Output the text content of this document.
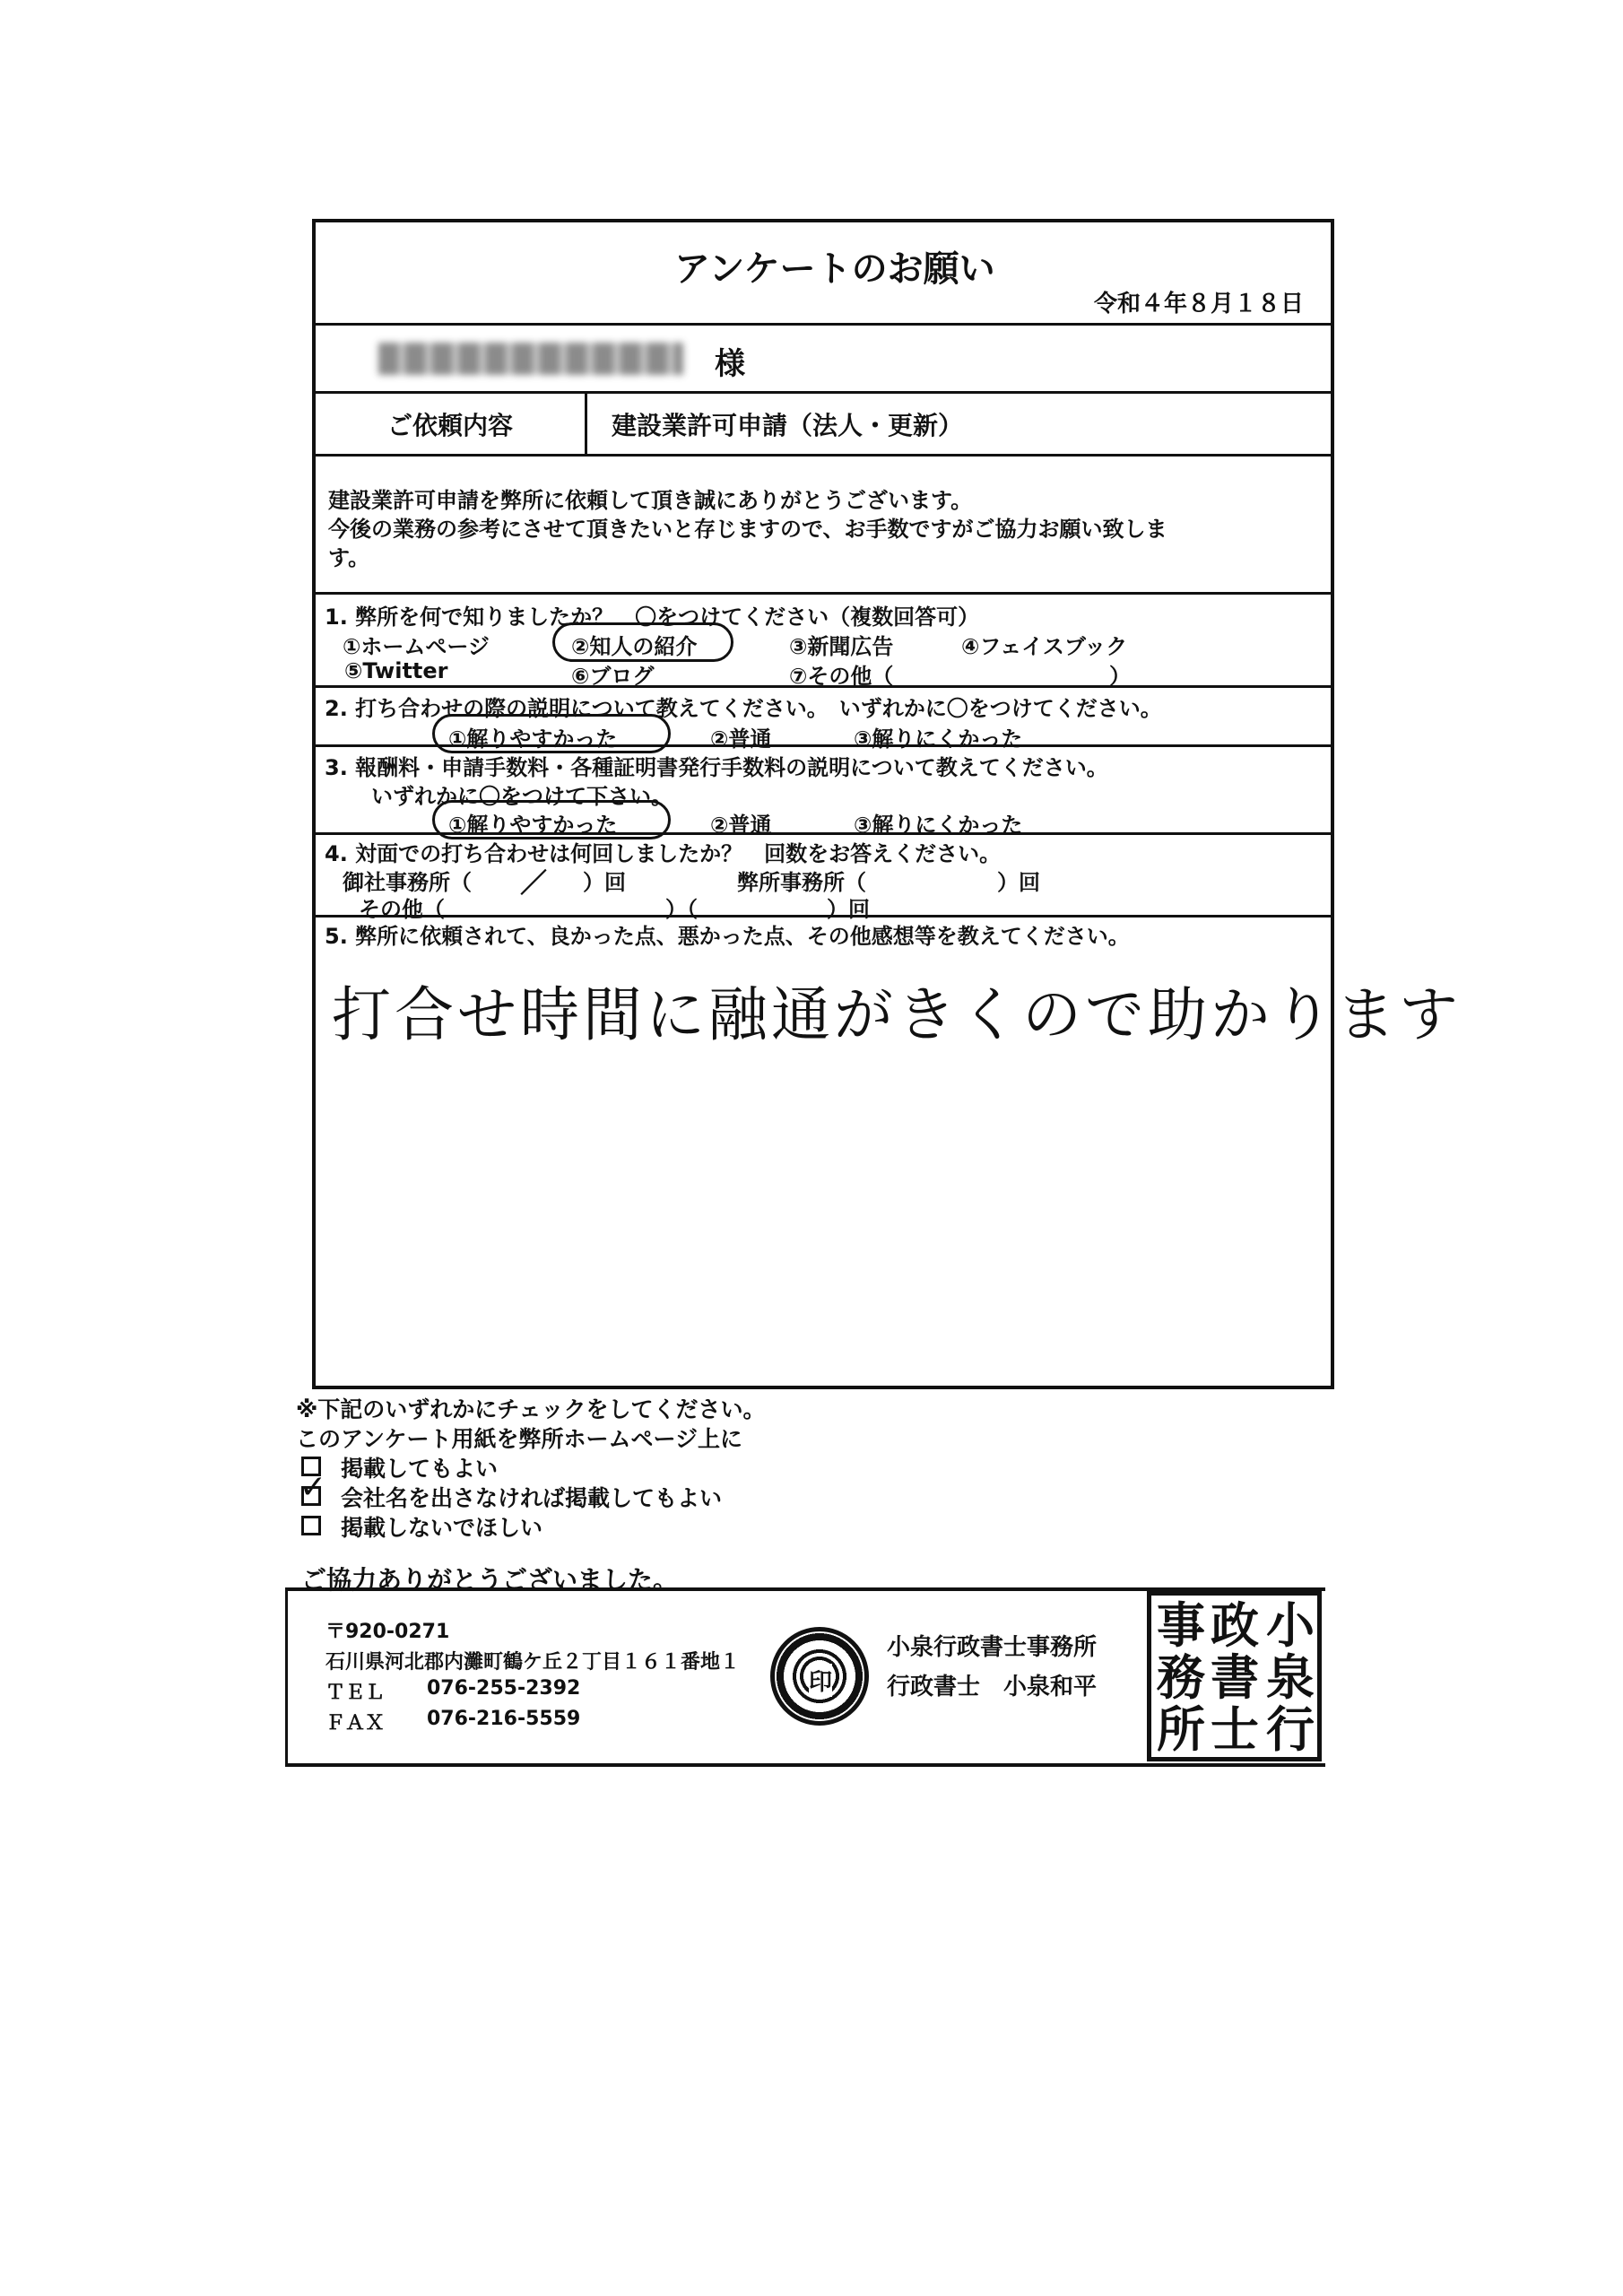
アンケートのお願い
令和４年８月１８日
様
ご依頼内容	建設業許可申請（法人・更新）
建設業許可申請を弊所に依頼して頂き誠にありがとうございます。
今後の業務の参考にさせて頂きたいと存じますので、お手数ですがご協力お願い致しま
す。
1. 弊所を何で知りましたか？　〇をつけてください（複数回答可）
①ホームページ	②知人の紹介	③新聞広告	④フェイスブック
⑤Twitter	⑥ブログ	⑦その他（	）
2. 打ち合わせの際の説明について教えてください。　いずれかに〇をつけてください。
①解りやすかった	②普通	③解りにくかった
3. 報酬料・申請手数料・各種証明書発行手数料の説明について教えてください。
いずれかに〇をつけて下さい。
①解りやすかった	②普通	③解りにくかった
4. 対面での打ち合わせは何回しましたか？　回数をお答えください。
御社事務所（ ／ ）回	弊所事務所（	）回
その他（	）（	）回
5. 弊所に依頼されて、良かった点、悪かった点、その他感想等を教えてください。
打合せ時間に融通がきくので助かります
※下記のいずれかにチェックをしてください。
このアンケート用紙を弊所ホームページ上に
掲載してもよい
✓ 会社名を出さなければ掲載してもよい
掲載しないでほしい
ご協力ありがとうございました。
〒920-0271
石川県河北郡内灘町鶴ケ丘２丁目１６１番地１
ＴＥＬ 076-255-2392
ＦＡＸ 076-216-5559
印
小泉行政書士事務所
行政書士　小泉和平
小
泉
行
政
書
士
事
務
所
